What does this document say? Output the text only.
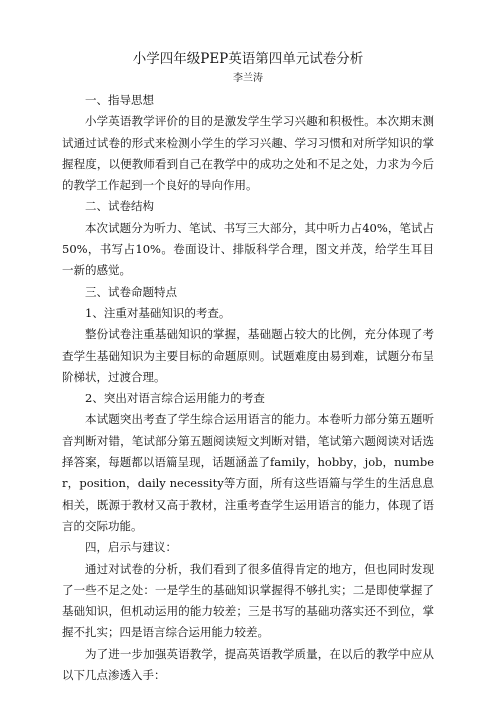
小学四年级PEP英语第四单元试卷分析

李兰涛

一、指导思想

小学英语教学评价的目的是激发学生学习兴趣和积极性。本次期末测试通过试卷的形式来检测小学生的学习兴趣、学习习惯和对所学知识的掌握程度，以便教师看到自己在教学中的成功之处和不足之处，力求为今后的教学工作起到一个良好的导向作用。

二、试卷结构

本次试题分为听力、笔试、书写三大部分，其中听力占40%，笔试占50%，书写占10%。卷面设计、排版科学合理，图文并茂，给学生耳目一新的感觉。

三、试卷命题特点

1、注重对基础知识的考查。

整份试卷注重基础知识的掌握，基础题占较大的比例，充分体现了考查学生基础知识为主要目标的命题原则。试题难度由易到难，试题分布呈阶梯状，过渡合理。

2、突出对语言综合运用能力的考查

本试题突出考查了学生综合运用语言的能力。本卷听力部分第五题听音判断对错，笔试部分第五题阅读短文判断对错，笔试第六题阅读对话选择答案，每题都以语篇呈现，话题涵盖了family，hobby，job，number，position，daily necessity等方面，所有这些语篇与学生的生活息息相关，既源于教材又高于教材，注重考查学生运用语言的能力，体现了语言的交际功能。

四，启示与建议：

通过对试卷的分析，我们看到了很多值得肯定的地方，但也同时发现了一些不足之处：一是学生的基础知识掌握得不够扎实；二是即使掌握了基础知识，但机动运用的能力较差；三是书写的基础功落实还不到位，掌握不扎实；四是语言综合运用能力较差。

为了进一步加强英语教学，提高英语教学质量，在以后的教学中应从以下几点渗透入手：
